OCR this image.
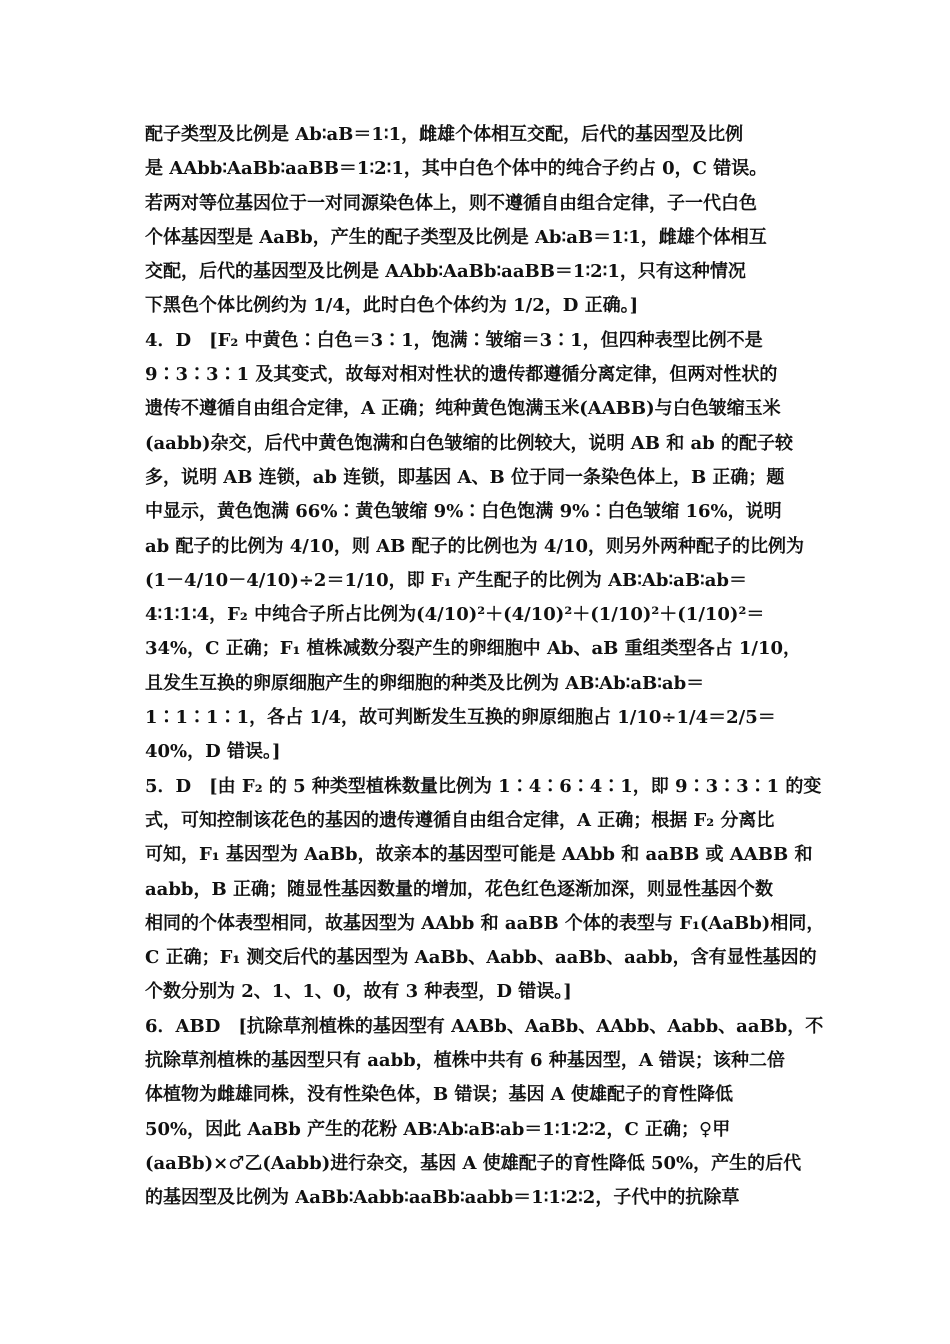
配子类型及比例是 Ab∶aB＝1∶1，雌雄个体相互交配，后代的基因型及比例
是 AAbb∶AaBb∶aaBB＝1∶2∶1，其中白色个体中的纯合子约占 0，C 错误。
若两对等位基因位于一对同源染色体上，则不遵循自由组合定律，子一代白色
个体基因型是 AaBb，产生的配子类型及比例是 Ab∶aB＝1∶1，雌雄个体相互
交配，后代的基因型及比例是 AAbb∶AaBb∶aaBB＝1∶2∶1，只有这种情况
下黑色个体比例约为 1/4，此时白色个体约为 1/2，D 正确。]
4．D　[F₂ 中黄色∶白色＝3∶1，饱满∶皱缩＝3∶1，但四种表型比例不是
9∶3∶3∶1 及其变式，故每对相对性状的遗传都遵循分离定律，但两对性状的
遗传不遵循自由组合定律，A 正确；纯种黄色饱满玉米(AABB)与白色皱缩玉米
(aabb)杂交，后代中黄色饱满和白色皱缩的比例较大，说明 AB 和 ab 的配子较
多，说明 AB 连锁，ab 连锁，即基因 A、B 位于同一条染色体上，B 正确；题
中显示，黄色饱满 66%∶黄色皱缩 9%∶白色饱满 9%∶白色皱缩 16%，说明
ab 配子的比例为 4/10，则 AB 配子的比例也为 4/10，则另外两种配子的比例为
(1－4/10－4/10)÷2＝1/10，即 F₁ 产生配子的比例为 AB∶Ab∶aB∶ab＝
4∶1∶1∶4，F₂ 中纯合子所占比例为(4/10)²＋(4/10)²＋(1/10)²＋(1/10)²＝
34%，C 正确；F₁ 植株减数分裂产生的卵细胞中 Ab、aB 重组类型各占 1/10，
且发生互换的卵原细胞产生的卵细胞的种类及比例为 AB∶Ab∶aB∶ab＝
1∶1∶1∶1，各占 1/4，故可判断发生互换的卵原细胞占 1/10÷1/4＝2/5＝
40%，D 错误。]
5．D　[由 F₂ 的 5 种类型植株数量比例为 1∶4∶6∶4∶1，即 9∶3∶3∶1 的变
式，可知控制该花色的基因的遗传遵循自由组合定律，A 正确；根据 F₂ 分离比
可知，F₁ 基因型为 AaBb，故亲本的基因型可能是 AAbb 和 aaBB 或 AABB 和
aabb，B 正确；随显性基因数量的增加，花色红色逐渐加深，则显性基因个数
相同的个体表型相同，故基因型为 AAbb 和 aaBB 个体的表型与 F₁(AaBb)相同，
C 正确；F₁ 测交后代的基因型为 AaBb、Aabb、aaBb、aabb，含有显性基因的
个数分别为 2、1、1、0，故有 3 种表型，D 错误。]
6．ABD　[抗除草剂植株的基因型有 AABb、AaBb、AAbb、Aabb、aaBb，不
抗除草剂植株的基因型只有 aabb，植株中共有 6 种基因型，A 错误；该种二倍
体植物为雌雄同株，没有性染色体，B 错误；基因 A 使雄配子的育性降低
50%，因此 AaBb 产生的花粉 AB∶Ab∶aB∶ab＝1∶1∶2∶2，C 正确；♀甲
(aaBb)×♂乙(Aabb)进行杂交，基因 A 使雄配子的育性降低 50%，产生的后代
的基因型及比例为 AaBb∶Aabb∶aaBb∶aabb＝1∶1∶2∶2，子代中的抗除草
